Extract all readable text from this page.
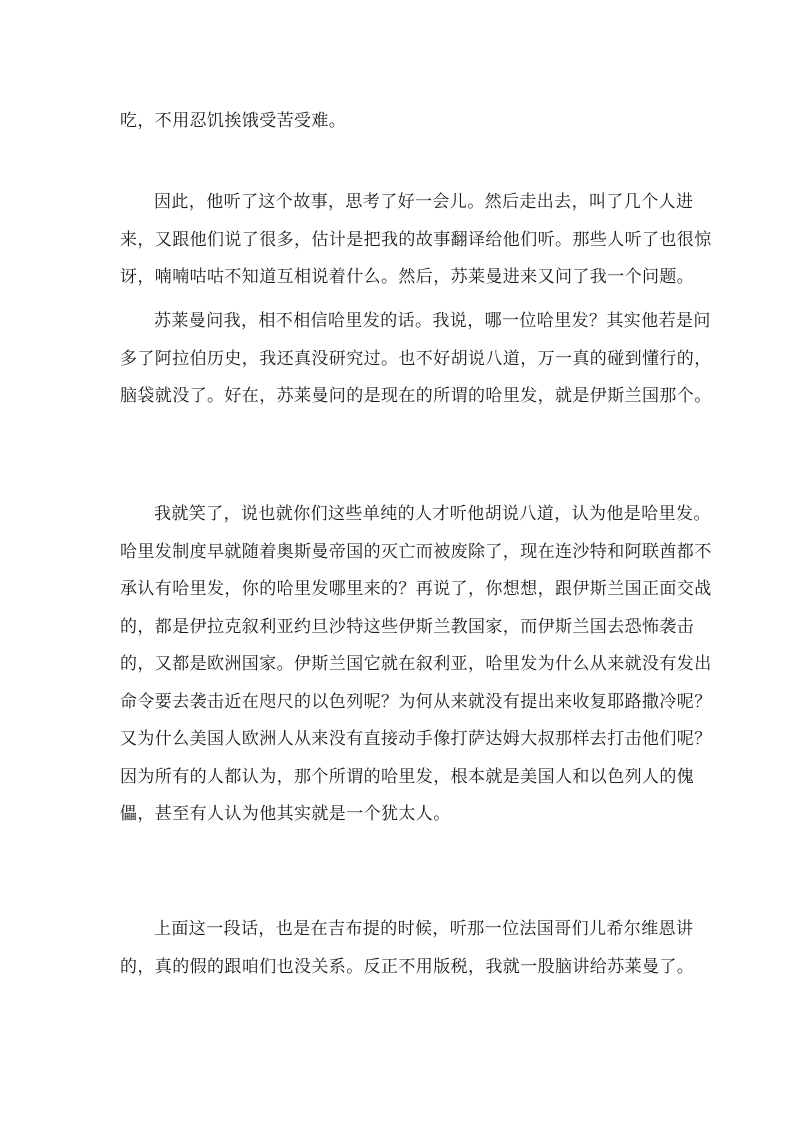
吃，不用忍饥挨饿受苦受难。
因此，他听了这个故事，思考了好一会儿。然后走出去，叫了几个人进
来，又跟他们说了很多，估计是把我的故事翻译给他们听。那些人听了也很惊
讶，喃喃咕咕不知道互相说着什么。然后，苏莱曼进来又问了我一个问题。
苏莱曼问我，相不相信哈里发的话。我说，哪一位哈里发？其实他若是问
多了阿拉伯历史，我还真没研究过。也不好胡说八道，万一真的碰到懂行的，
脑袋就没了。好在，苏莱曼问的是现在的所谓的哈里发，就是伊斯兰国那个。
我就笑了，说也就你们这些单纯的人才听他胡说八道，认为他是哈里发。
哈里发制度早就随着奥斯曼帝国的灭亡而被废除了，现在连沙特和阿联酋都不
承认有哈里发，你的哈里发哪里来的？再说了，你想想，跟伊斯兰国正面交战
的，都是伊拉克叙利亚约旦沙特这些伊斯兰教国家，而伊斯兰国去恐怖袭击
的，又都是欧洲国家。伊斯兰国它就在叙利亚，哈里发为什么从来就没有发出
命令要去袭击近在咫尺的以色列呢？为何从来就没有提出来收复耶路撒冷呢？
又为什么美国人欧洲人从来没有直接动手像打萨达姆大叔那样去打击他们呢？
因为所有的人都认为，那个所谓的哈里发，根本就是美国人和以色列人的傀
儡，甚至有人认为他其实就是一个犹太人。
上面这一段话，也是在吉布提的时候，听那一位法国哥们儿希尔维恩讲
的，真的假的跟咱们也没关系。反正不用版税，我就一股脑讲给苏莱曼了。
